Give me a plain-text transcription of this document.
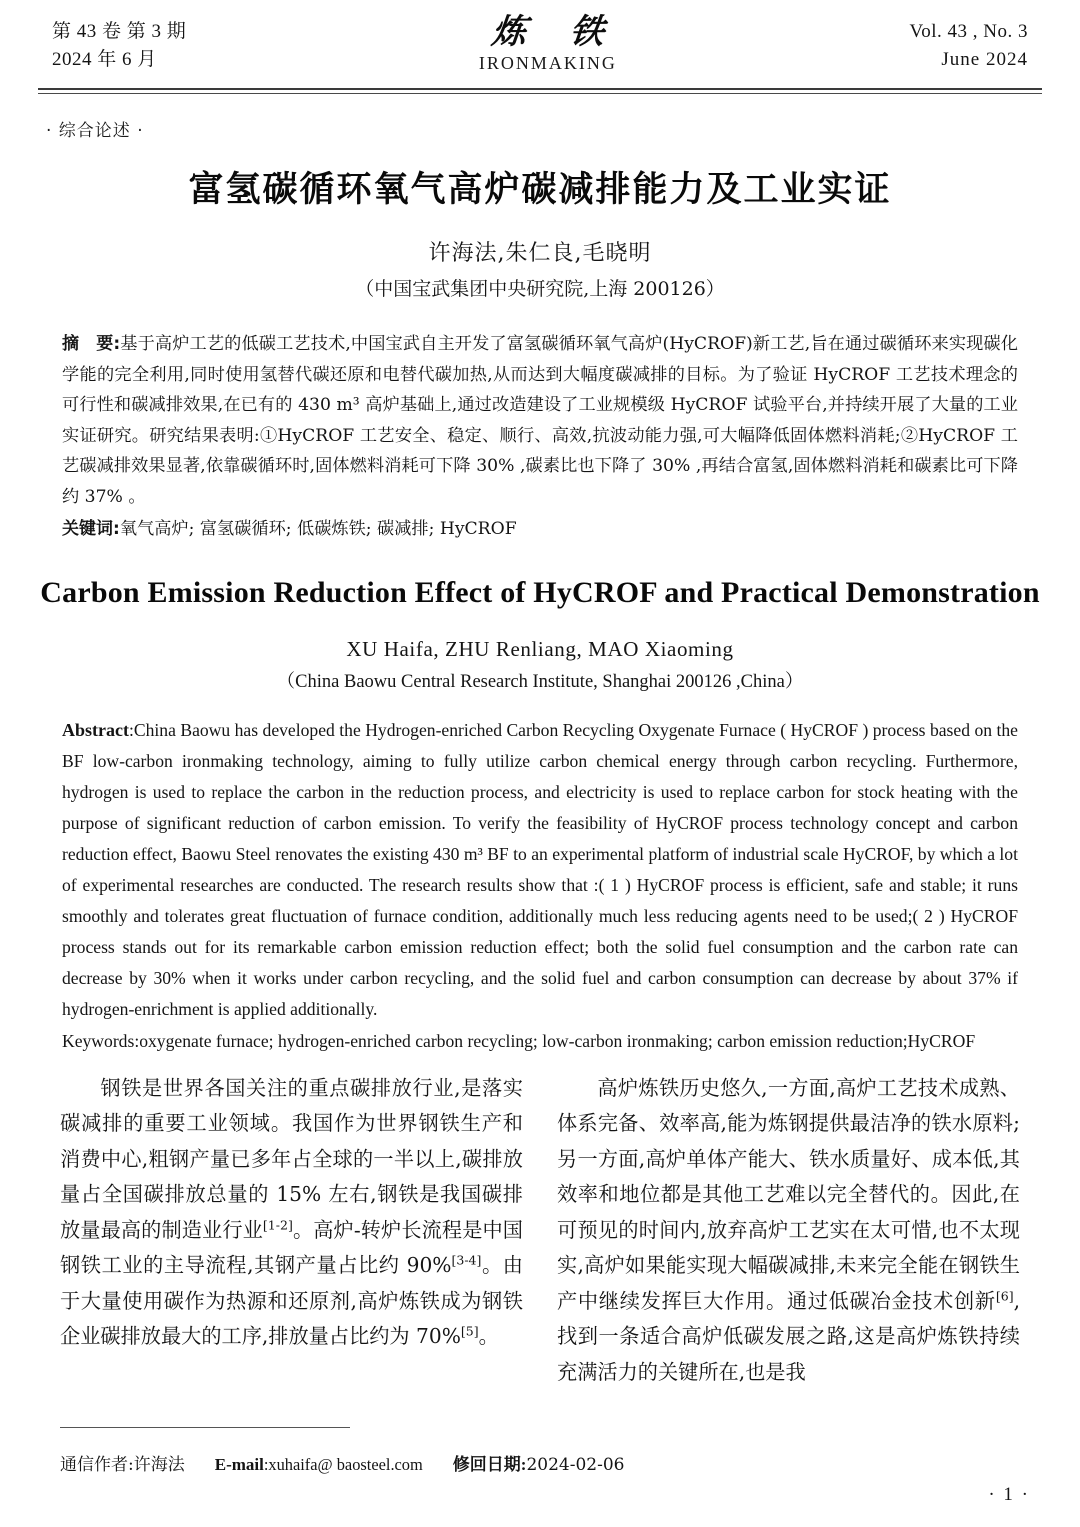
第 43 卷 第 3 期
2024 年 6 月
炼 铁
IRONMAKING
Vol. 43 , No. 3
June 2024
· 综合论述 ·
富氢碳循环氧气高炉碳减排能力及工业实证
许海法,朱仁良,毛晓明
（中国宝武集团中央研究院,上海 200126）
摘　要:基于高炉工艺的低碳工艺技术,中国宝武自主开发了富氢碳循环氧气高炉(HyCROF)新工艺,旨在通过碳循环来实现碳化学能的完全利用,同时使用氢替代碳还原和电替代碳加热,从而达到大幅度碳减排的目标。为了验证 HyCROF 工艺技术理念的可行性和碳减排效果,在已有的 430 m³ 高炉基础上,通过改造建设了工业规模级 HyCROF 试验平台,并持续开展了大量的工业实证研究。研究结果表明:①HyCROF 工艺安全、稳定、顺行、高效,抗波动能力强,可大幅降低固体燃料消耗;②HyCROF 工艺碳减排效果显著,依靠碳循环时,固体燃料消耗可下降 30% ,碳素比也下降了 30% ,再结合富氢,固体燃料消耗和碳素比可下降约 37% 。
关键词:氧气高炉; 富氢碳循环; 低碳炼铁; 碳减排; HyCROF
Carbon Emission Reduction Effect of HyCROF and Practical Demonstration
XU Haifa, ZHU Renliang, MAO Xiaoming
（China Baowu Central Research Institute, Shanghai 200126 ,China）
Abstract:China Baowu has developed the Hydrogen-enriched Carbon Recycling Oxygenate Furnace ( HyCROF ) process based on the BF low-carbon ironmaking technology, aiming to fully utilize carbon chemical energy through carbon recycling. Furthermore, hydrogen is used to replace the carbon in the reduction process, and electricity is used to replace carbon for stock heating with the purpose of significant reduction of carbon emission. To verify the feasibility of HyCROF process technology concept and carbon reduction effect, Baowu Steel renovates the existing 430 m³ BF to an experimental platform of industrial scale HyCROF, by which a lot of experimental researches are conducted. The research results show that :( 1 ) HyCROF process is efficient, safe and stable; it runs smoothly and tolerates great fluctuation of furnace condition, additionally much less reducing agents need to be used;( 2 ) HyCROF process stands out for its remarkable carbon emission reduction effect; both the solid fuel consumption and the carbon rate can decrease by 30% when it works under carbon recycling, and the solid fuel and carbon consumption can decrease by about 37% if hydrogen-enrichment is applied additionally.
Keywords:oxygenate furnace; hydrogen-enriched carbon recycling; low-carbon ironmaking; carbon emission reduction;HyCROF

钢铁是世界各国关注的重点碳排放行业,是落实碳减排的重要工业领域。我国作为世界钢铁生产和消费中心,粗钢产量已多年占全球的一半以上,碳排放量占全国碳排放总量的 15% 左右,钢铁是我国碳排放量最高的制造业行业[1-2]。高炉-转炉长流程是中国钢铁工业的主导流程,其钢产量占比约 90%[3-4]。由于大量使用碳作为热源和还原剂,高炉炼铁成为钢铁企业碳排放最大的工序,排放量占比约为 70%[5]。

高炉炼铁历史悠久,一方面,高炉工艺技术成熟、体系完备、效率高,能为炼钢提供最洁净的铁水原料;另一方面,高炉单体产能大、铁水质量好、成本低,其效率和地位都是其他工艺难以完全替代的。因此,在可预见的时间内,放弃高炉工艺实在太可惜,也不太现实,高炉如果能实现大幅碳减排,未来完全能在钢铁生产中继续发挥巨大作用。通过低碳冶金技术创新[6],找到一条适合高炉低碳发展之路,这是高炉炼铁持续充满活力的关键所在,也是我

通信作者:许海法 E-mail:xuhaifa@ baosteel.com 修回日期:2024-02-06
· 1 ·
